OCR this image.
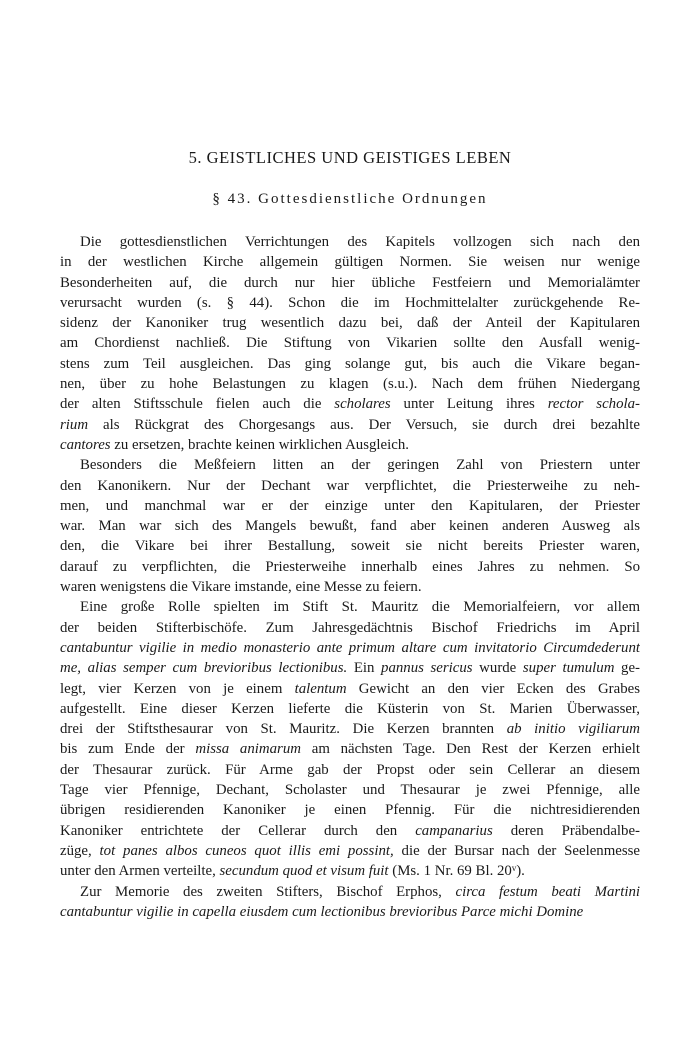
5. GEISTLICHES UND GEISTIGES LEBEN
§ 43. Gottesdienstliche Ordnungen
Die gottesdienstlichen Verrichtungen des Kapitels vollzogen sich nach den
in der westlichen Kirche allgemein gültigen Normen. Sie weisen nur wenige
Besonderheiten auf, die durch nur hier übliche Festfeiern und Memorialämter
verursacht wurden (s. § 44). Schon die im Hochmittelalter zurückgehende Re-
sidenz der Kanoniker trug wesentlich dazu bei, daß der Anteil der Kapitularen
am Chordienst nachließ. Die Stiftung von Vikarien sollte den Ausfall wenig-
stens zum Teil ausgleichen. Das ging solange gut, bis auch die Vikare began-
nen, über zu hohe Belastungen zu klagen (s.u.). Nach dem frühen Niedergang
der alten Stiftsschule fielen auch die scholares unter Leitung ihres rector schola-
rium als Rückgrat des Chorgesangs aus. Der Versuch, sie durch drei bezahlte
cantores zu ersetzen, brachte keinen wirklichen Ausgleich.
Besonders die Meßfeiern litten an der geringen Zahl von Priestern unter
den Kanonikern. Nur der Dechant war verpflichtet, die Priesterweihe zu neh-
men, und manchmal war er der einzige unter den Kapitularen, der Priester
war. Man war sich des Mangels bewußt, fand aber keinen anderen Ausweg als
den, die Vikare bei ihrer Bestallung, soweit sie nicht bereits Priester waren,
darauf zu verpflichten, die Priesterweihe innerhalb eines Jahres zu nehmen. So
waren wenigstens die Vikare imstande, eine Messe zu feiern.
Eine große Rolle spielten im Stift St. Mauritz die Memorialfeiern, vor allem
der beiden Stifterbischöfe. Zum Jahresgedächtnis Bischof Friedrichs im April
cantabuntur vigilie in medio monasterio ante primum altare cum invitatorio Circumdederunt
me, alias semper cum brevioribus lectionibus. Ein pannus sericus wurde super tumulum ge-
legt, vier Kerzen von je einem talentum Gewicht an den vier Ecken des Grabes
aufgestellt. Eine dieser Kerzen lieferte die Küsterin von St. Marien Überwasser,
drei der Stiftsthesaurar von St. Mauritz. Die Kerzen brannten ab initio vigiliarum
bis zum Ende der missa animarum am nächsten Tage. Den Rest der Kerzen erhielt
der Thesaurar zurück. Für Arme gab der Propst oder sein Cellerar an diesem
Tage vier Pfennige, Dechant, Scholaster und Thesaurar je zwei Pfennige, alle
übrigen residierenden Kanoniker je einen Pfennig. Für die nichtresidierenden
Kanoniker entrichtete der Cellerar durch den campanarius deren Präbendalbe-
züge, tot panes albos cuneos quot illis emi possint, die der Bursar nach der Seelenmesse
unter den Armen verteilte, secundum quod et visum fuit (Ms. 1 Nr. 69 Bl. 20ᵛ).
Zur Memorie des zweiten Stifters, Bischof Erphos, circa festum beati Martini
cantabuntur vigilie in capella eiusdem cum lectionibus brevioribus Parce michi Domine
